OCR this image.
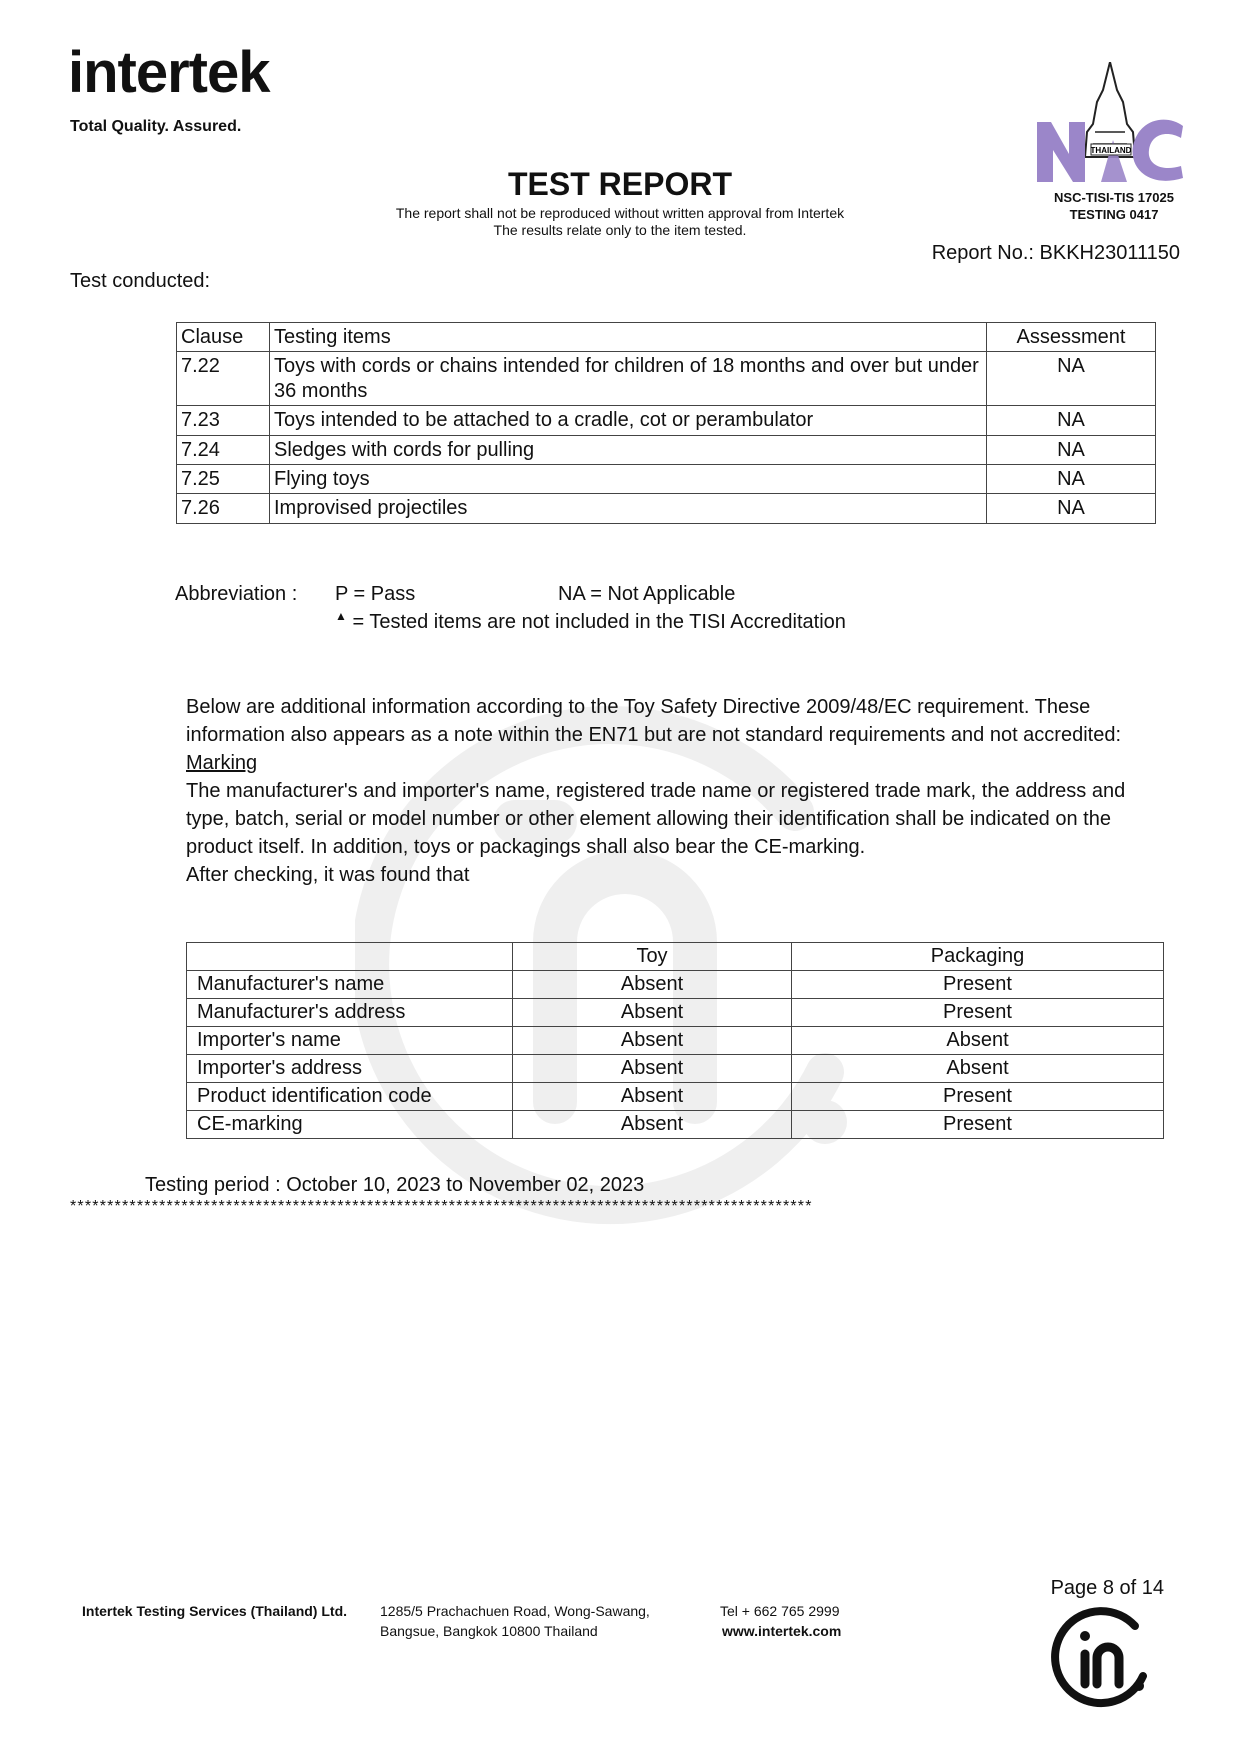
intertek
Total Quality. Assured.
THAILAND
NSC-TISI-TIS 17025
TESTING 0417
TEST REPORT
The report shall not be reproduced without written approval from Intertek
The results relate only to the item tested.
Report No.: BKKH23011150
Test conducted:
Clause	Testing items	Assessment
7.22	Toys with cords or chains intended for children of 18 months and over but under 36 months	NA
7.23	Toys intended to be attached to a cradle, cot or perambulator	NA
7.24	Sledges with cords for pulling	NA
7.25	Flying toys	NA
7.26	Improvised projectiles	NA
Abbreviation : P = Pass	NA = Not Applicable
▲ = Tested items are not included in the TISI Accreditation

Below are additional information according to the Toy Safety Directive 2009/48/EC requirement. These information also appears as a note within the EN71 but are not standard requirements and not accredited:

Marking

The manufacturer's and importer's name, registered trade name or registered trade mark, the address and type, batch, serial or model number or other element allowing their identification shall be indicated on the product itself. In addition, toys or packagings shall also bear the CE-marking.

After checking, it was found that

	Toy	Packaging
Manufacturer's name	Absent	Present
Manufacturer's address	Absent	Present
Importer's name	Absent	Absent
Importer's address	Absent	Absent
Product identification code	Absent	Present
CE-marking	Absent	Present
Testing period : October 10, 2023 to November 02, 2023
****************************************************************************************************
Page 8 of 14
Intertek Testing Services (Thailand) Ltd. 1285/5 Prachachuen Road, Wong-Sawang,
Bangsue, Bangkok 10800 Thailand
Tel + 662 765 2999
www.intertek.com
